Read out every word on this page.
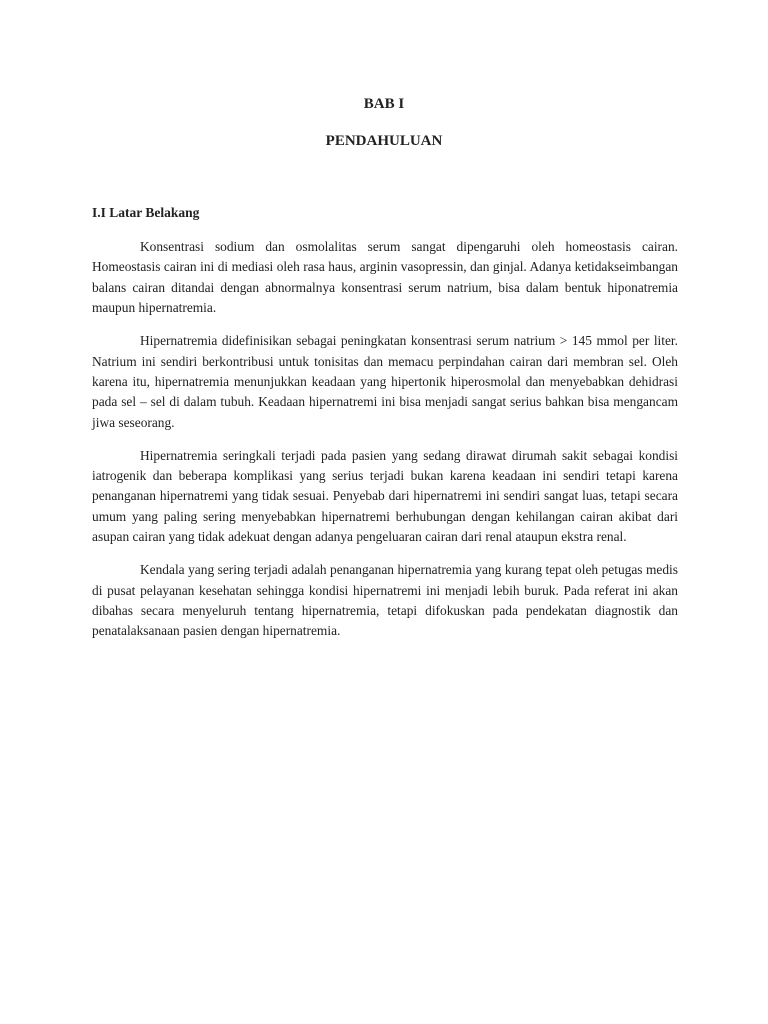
BAB I
PENDAHULUAN
I.I Latar Belakang

Konsentrasi sodium dan osmolalitas serum sangat dipengaruhi oleh homeostasis cairan. Homeostasis cairan ini di mediasi oleh rasa haus, arginin vasopressin, dan ginjal. Adanya ketidakseimbangan balans cairan ditandai dengan abnormalnya konsentrasi serum natrium, bisa dalam bentuk hiponatremia maupun hipernatremia.

Hipernatremia didefinisikan sebagai peningkatan konsentrasi serum natrium > 145 mmol per liter. Natrium ini sendiri berkontribusi untuk tonisitas dan memacu perpindahan cairan dari membran sel. Oleh karena itu, hipernatremia menunjukkan keadaan yang hipertonik hiperosmolal dan menyebabkan dehidrasi pada sel – sel di dalam tubuh. Keadaan hipernatremi ini bisa menjadi sangat serius bahkan bisa mengancam jiwa seseorang.

Hipernatremia seringkali terjadi pada pasien yang sedang dirawat dirumah sakit sebagai kondisi iatrogenik dan beberapa komplikasi yang serius terjadi bukan karena keadaan ini sendiri tetapi karena penanganan hipernatremi yang tidak sesuai. Penyebab dari hipernatremi ini sendiri sangat luas, tetapi secara umum yang paling sering menyebabkan hipernatremi berhubungan dengan kehilangan cairan akibat dari asupan cairan yang tidak adekuat dengan adanya pengeluaran cairan dari renal ataupun ekstra renal.

Kendala yang sering terjadi adalah penanganan hipernatremia yang kurang tepat oleh petugas medis di pusat pelayanan kesehatan sehingga kondisi hipernatremi ini menjadi lebih buruk. Pada referat ini akan dibahas secara menyeluruh tentang hipernatremia, tetapi difokuskan pada pendekatan diagnostik dan penatalaksanaan pasien dengan hipernatremia.
